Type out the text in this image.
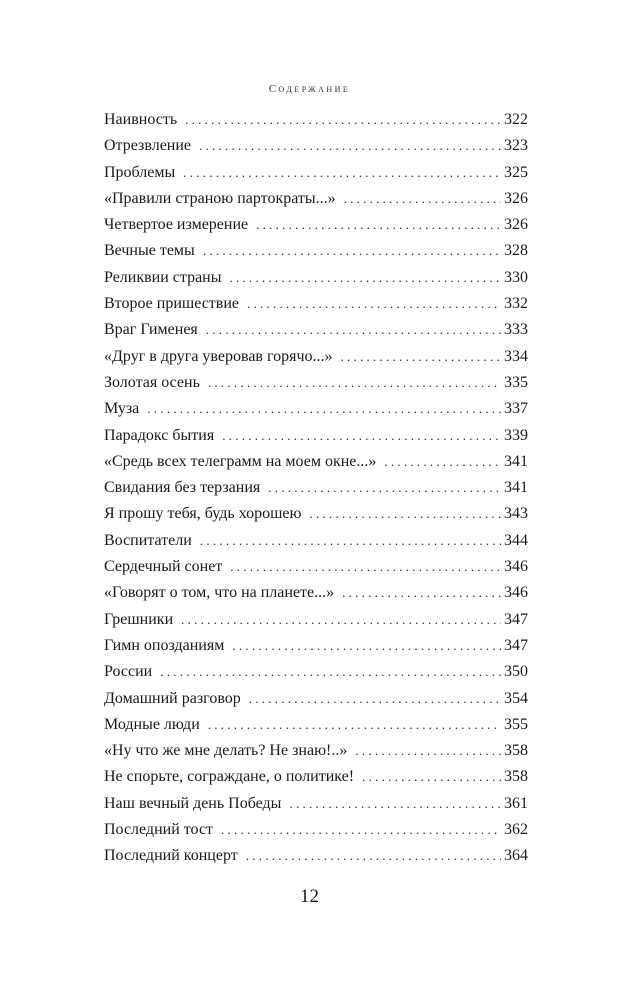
Содержание
Наивность . . .	322
Отрезвление . . .	323
Проблемы . . .	325
«Правили страною партократы...» . . .	326
Четвертое измерение . . .	326
Вечные темы . . .	328
Реликвии страны . . .	330
Второе пришествие . . .	332
Враг Гименея . . .	333
«Друг в друга уверовав горячо...» . . .	334
Золотая осень . . .	335
Муза . . .	337
Парадокс бытия . . .	339
«Средь всех телеграмм на моем окне...» . . .	341
Свидания без терзания . . .	341
Я прошу тебя, будь хорошею . . .	343
Воспитатели . . .	344
Сердечный сонет . . .	346
«Говорят о том, что на планете...» . . .	346
Грешники . . .	347
Гимн опозданиям . . .	347
России . . .	350
Домашний разговор . . .	354
Модные люди . . .	355
«Ну что же мне делать? Не знаю!..» . . .	358
Не спорьте, сограждане, о политике! . . .	358
Наш вечный день Победы . . .	361
Последний тост . . .	362
Последний концерт . . .	364
12
